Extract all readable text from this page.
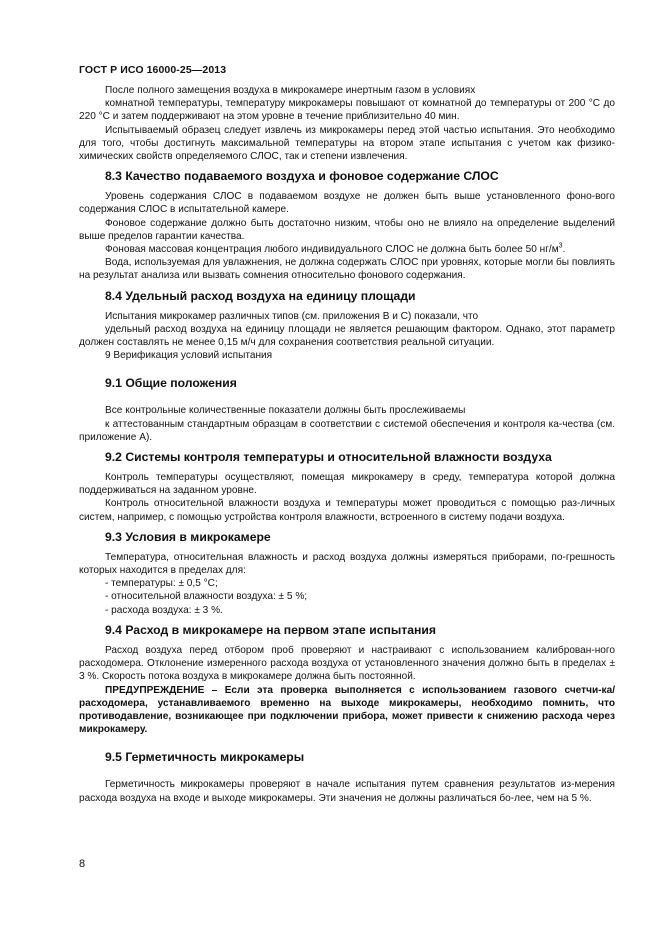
ГОСТ Р ИСО 16000-25—2013

После полного замещения воздуха в микрокамере инертным газом в условиях

комнатной температуры, температуру микрокамеры повышают от комнатной до температуры от 200 °C до 220 °C и затем поддерживают на этом уровне в течение приблизительно 40 мин.

Испытываемый образец следует извлечь из микрокамеры перед этой частью испытания. Это необходимо для того, чтобы достигнуть максимальной температуры на втором этапе испытания с учетом как физико-химических свойств определяемого СЛОС, так и степени извлечения.

8.3 Качество подаваемого воздуха и фоновое содержание СЛОС

Уровень содержания СЛОС в подаваемом воздухе не должен быть выше установленного фоно-вого содержания СЛОС в испытательной камере.

Фоновое содержание должно быть достаточно низким, чтобы оно не влияло на определение выделений выше пределов гарантии качества.

Фоновая массовая концентрация любого индивидуального СЛОС не должна быть более 50 $нг/м^3$.

Вода, используемая для увлажнения, не должна содержать СЛОС при уровнях, которые могли бы повлиять на результат анализа или вызвать сомнения относительно фонового содержания.

8.4 Удельный расход воздуха на единицу площади

Испытания микрокамер различных типов (см. приложения В и С) показали, что

удельный расход воздуха на единицу площади не является решающим фактором. Однако, этот параметр должен составлять не менее 0,15 м/ч для сохранения соответствия реальной ситуации.

9 Верификация условий испытания

9.1 Общие положения

Все контрольные количественные показатели должны быть прослеживаемы

к аттестованным стандартным образцам в соответствии с системой обеспечения и контроля ка-чества (см. приложение А).

9.2 Системы контроля температуры и относительной влажности воздуха

Контроль температуры осуществляют, помещая микрокамеру в среду, температура которой должна поддерживаться на заданном уровне.

Контроль относительной влажности воздуха и температуры может проводиться с помощью раз-личных систем, например, с помощью устройства контроля влажности, встроенного в систему подачи воздуха.

9.3 Условия в микрокамере

Температура, относительная влажность и расход воздуха должны измеряться приборами, по-грешность которых находится в пределах для:

- температуры: ± 0,5 °C;

- относительной влажности воздуха: ± 5 %;

- расхода воздуха: ± 3 %.

9.4 Расход в микрокамере на первом этапе испытания

Расход воздуха перед отбором проб проверяют и настраивают с использованием калиброван-ного расходомера. Отклонение измеренного расхода воздуха от установленного значения должно быть в пределах ± 3 %. Скорость потока воздуха в микрокамере должна быть постоянной.

ПРЕДУПРЕЖДЕНИЕ – Если эта проверка выполняется с использованием газового счетчи-ка/расходомера, устанавливаемого временно на выходе микрокамеры, необходимо помнить, что противодавление, возникающее при подключении прибора, может привести к снижению расхода через микрокамеру.

9.5 Герметичность микрокамеры

Герметичность микрокамеры проверяют в начале испытания путем сравнения результатов из-мерения расхода воздуха на входе и выходе микрокамеры. Эти значения не должны различаться бо-лее, чем на 5 %.

8
